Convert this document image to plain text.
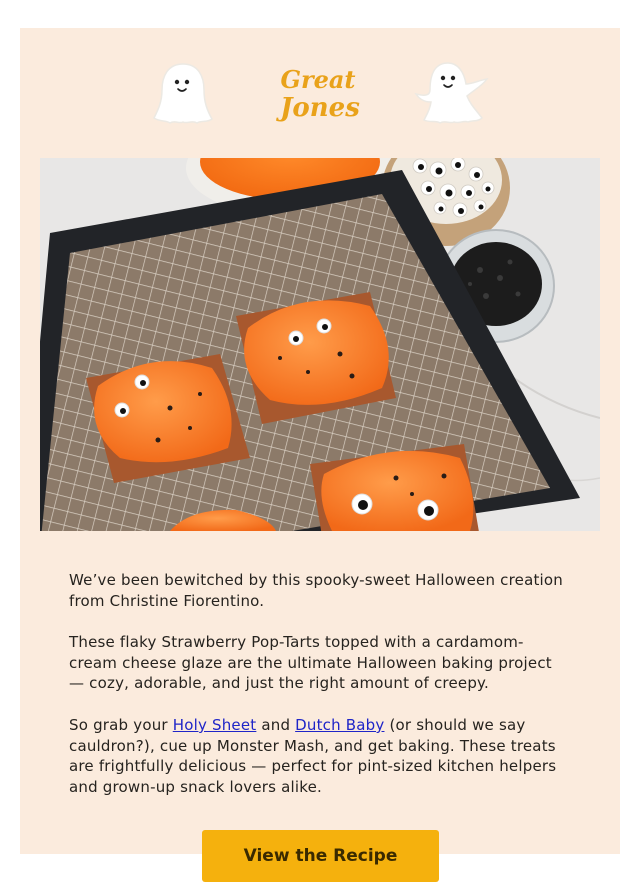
Great
Jones

We’ve been bewitched by this spooky-sweet Halloween creation from Christine Fiorentino.

These flaky Strawberry Pop-Tarts topped with a cardamom-cream cheese glaze are the ultimate Halloween baking project — cozy, adorable, and just the right amount of creepy.

So grab your Holy Sheet and Dutch Baby (or should we say cauldron?), cue up Monster Mash, and get baking. These treats are frightfully delicious — perfect for pint-sized kitchen helpers and grown-up snack lovers alike.

View the Recipe
